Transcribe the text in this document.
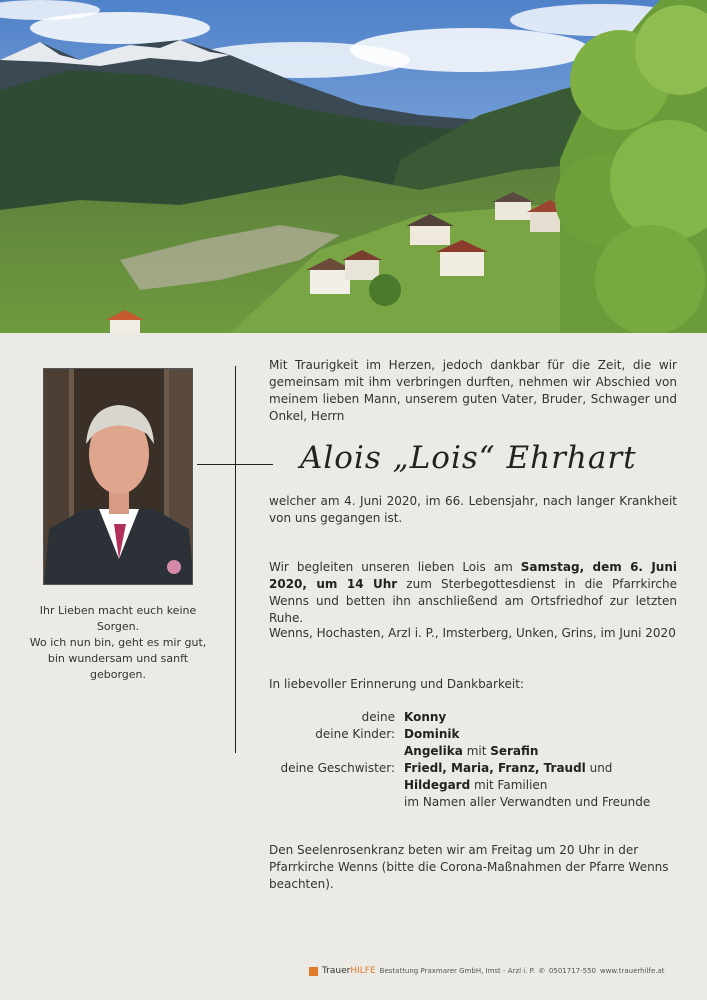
Ihr Lieben macht euch keine Sorgen.
Wo ich nun bin, geht es mir gut,
bin wundersam und sanft geborgen.
Mit Traurigkeit im Herzen, jedoch dankbar für die Zeit, die wir gemeinsam mit ihm verbringen durften, nehmen wir Abschied von meinem lieben Mann, unserem guten Vater, Bruder, Schwager und Onkel, Herrn
Alois „Lois“ Ehrhart
welcher am 4. Juni 2020, im 66. Lebensjahr, nach langer Krankheit von uns gegangen ist.
Wir begleiten unseren lieben Lois am Samstag, dem 6. Juni 2020, um 14 Uhr zum Sterbegottesdienst in die Pfarrkirche Wenns und betten ihn anschließend am Ortsfriedhof zur letzten Ruhe.
Wenns, Hochasten, Arzl i. P., Imsterberg, Unken, Grins, im Juni 2020
In liebevoller Erinnerung und Dankbarkeit:
deine
deine Kinder:

deine Geschwister:
Konny
Dominik
Angelika mit Serafin
Friedl, Maria, Franz, Traudl und
Hildegard mit Familien
im Namen aller Verwandten und Freunde
Den Seelenrosenkranz beten wir am Freitag um 20 Uhr in der Pfarrkirche Wenns (bitte die Corona-Maßnahmen der Pfarre Wenns beachten).
TrauerHILFE Bestattung Praxmarer GmbH, Imst - Arzl i. P. ✆ 0501717-550 www.trauerhilfe.at
